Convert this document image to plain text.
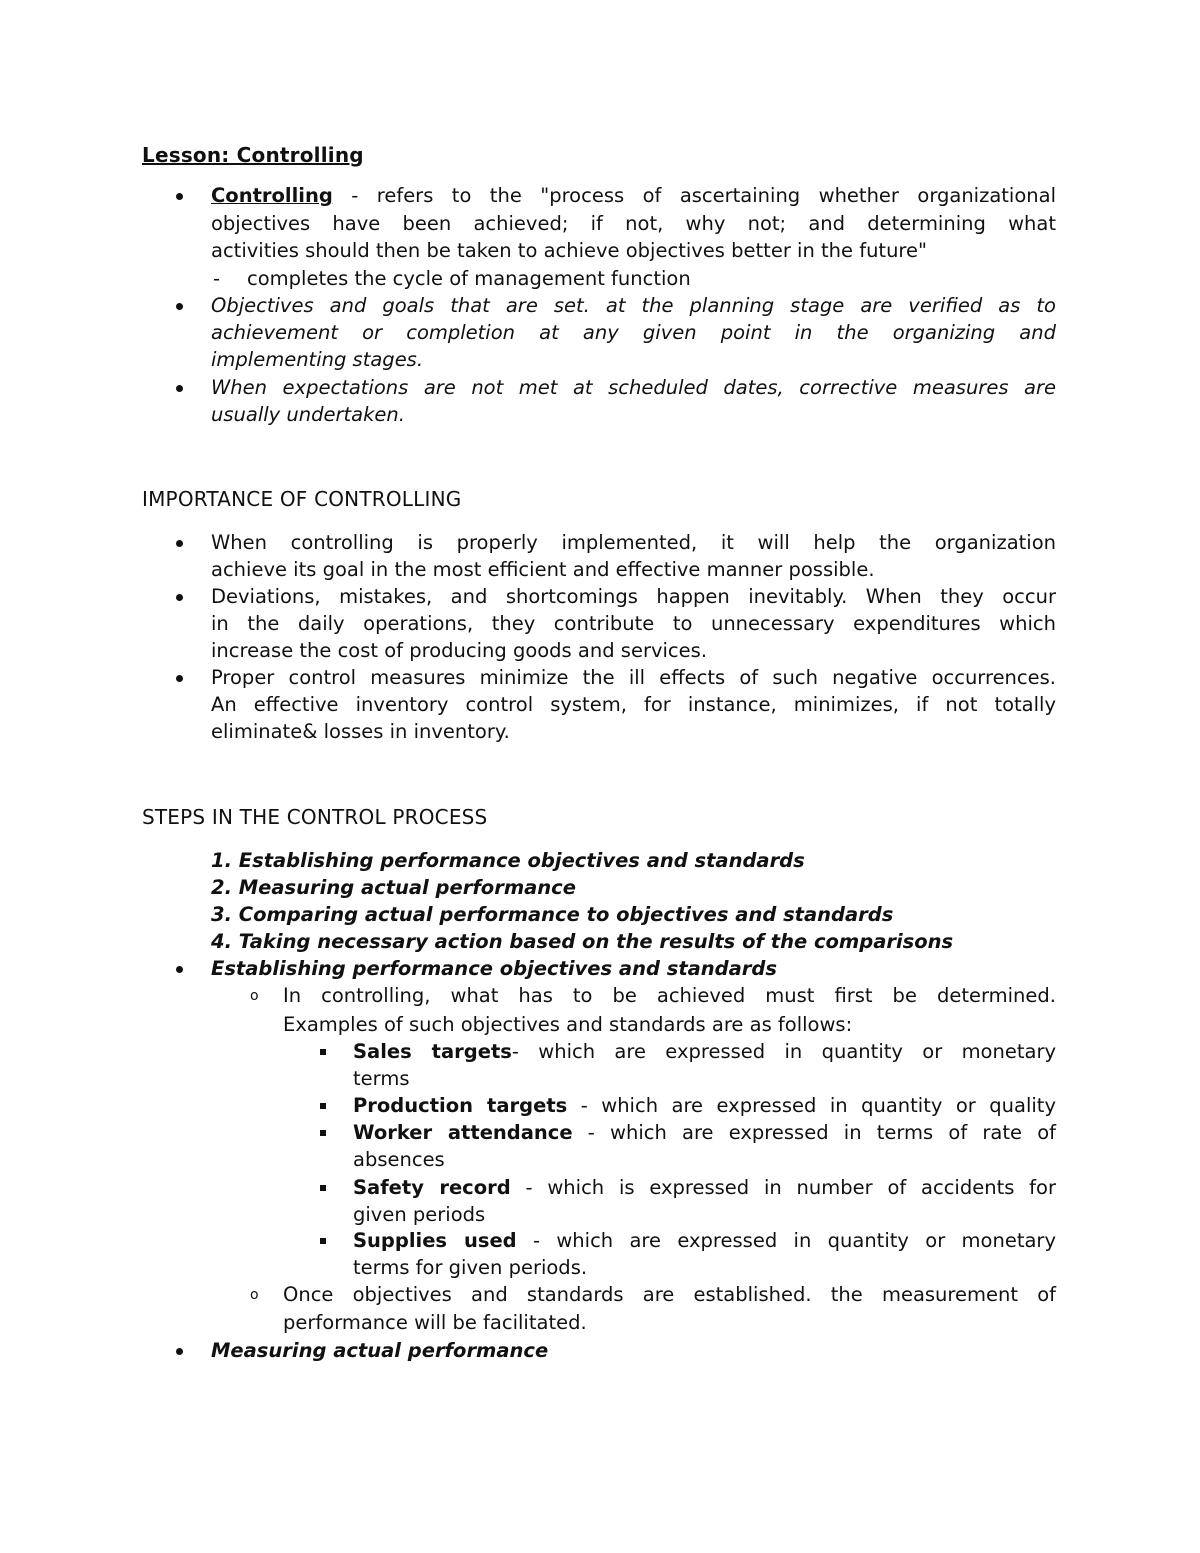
Lesson: Controlling
Controlling - refers to the "process of ascertaining whether organizational
objectives have been achieved; if not, why not; and determining what
activities should then be taken to achieve objectives better in the future"
- completes the cycle of management function
Objectives and goals that are set. at the planning stage are verified as to
achievement or completion at any given point in the organizing and
implementing stages.
When expectations are not met at scheduled dates, corrective measures are
usually undertaken.
IMPORTANCE OF CONTROLLING
When controlling is properly implemented, it will help the organization
achieve its goal in the most efficient and effective manner possible.
Deviations, mistakes, and shortcomings happen inevitably. When they occur
in the daily operations, they contribute to unnecessary expenditures which
increase the cost of producing goods and services.
Proper control measures minimize the ill effects of such negative occurrences.
An effective inventory control system, for instance, minimizes, if not totally
eliminate& losses in inventory.
STEPS IN THE CONTROL PROCESS
1. Establishing performance objectives and standards
2. Measuring actual performance
3. Comparing actual performance to objectives and standards
4. Taking necessary action based on the results of the comparisons
Establishing performance objectives and standards
o In controlling, what has to be achieved must first be determined.
Examples of such objectives and standards are as follows:
Sales targets- which are expressed in quantity or monetary
terms
Production targets - which are expressed in quantity or quality
Worker attendance - which are expressed in terms of rate of
absences
Safety record - which is expressed in number of accidents for
given periods
Supplies used - which are expressed in quantity or monetary
terms for given periods.
o Once objectives and standards are established. the measurement of
performance will be facilitated.
Measuring actual performance
